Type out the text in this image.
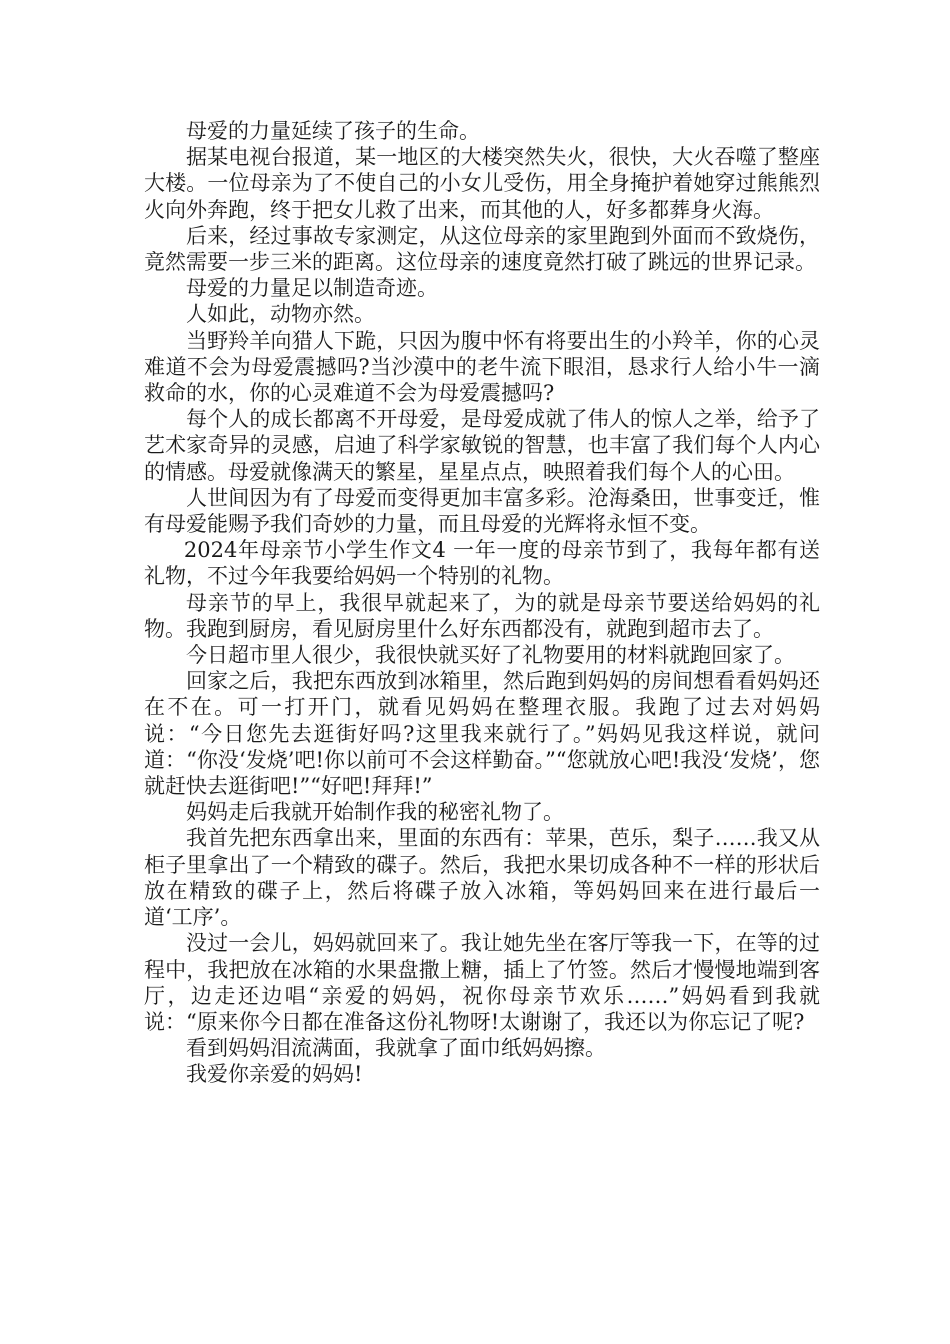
母爱的力量延续了孩子的生命。

据某电视台报道，某一地区的大楼突然失火，很快，大火吞噬了整座大楼。一位母亲为了不使自己的小女儿受伤，用全身掩护着她穿过熊熊烈火向外奔跑，终于把女儿救了出来，而其他的人，好多都葬身火海。

后来，经过事故专家测定，从这位母亲的家里跑到外面而不致烧伤，竟然需要一步三米的距离。这位母亲的速度竟然打破了跳远的世界记录。

母爱的力量足以制造奇迹。

人如此，动物亦然。

当野羚羊向猎人下跪，只因为腹中怀有将要出生的小羚羊，你的心灵难道不会为母爱震撼吗?当沙漠中的老牛流下眼泪，恳求行人给小牛一滴救命的水，你的心灵难道不会为母爱震撼吗?

每个人的成长都离不开母爱，是母爱成就了伟人的惊人之举，给予了艺术家奇异的灵感，启迪了科学家敏锐的智慧，也丰富了我们每个人内心的情感。母爱就像满天的繁星，星星点点，映照着我们每个人的心田。

人世间因为有了母爱而变得更加丰富多彩。沧海桑田，世事变迁，惟有母爱能赐予我们奇妙的力量，而且母爱的光辉将永恒不变。

2024年母亲节小学生作文4 一年一度的母亲节到了，我每年都有送礼物，不过今年我要给妈妈一个特别的礼物。

母亲节的早上，我很早就起来了，为的就是母亲节要送给妈妈的礼物。我跑到厨房，看见厨房里什么好东西都没有，就跑到超市去了。

今日超市里人很少，我很快就买好了礼物要用的材料就跑回家了。

回家之后，我把东西放到冰箱里，然后跑到妈妈的房间想看看妈妈还在不在。可一打开门，就看见妈妈在整理衣服。我跑了过去对妈妈说：“今日您先去逛街好吗?这里我来就行了。”妈妈见我这样说，就问道：“你没‘发烧’吧!你以前可不会这样勤奋。”“您就放心吧!我没‘发烧’，您就赶快去逛街吧!”“好吧!拜拜!”

妈妈走后我就开始制作我的秘密礼物了。

我首先把东西拿出来，里面的东西有：苹果，芭乐，梨子……我又从柜子里拿出了一个精致的碟子。然后，我把水果切成各种不一样的形状后放在精致的碟子上，然后将碟子放入冰箱，等妈妈回来在进行最后一道‘工序’。

没过一会儿，妈妈就回来了。我让她先坐在客厅等我一下，在等的过程中，我把放在冰箱的水果盘撒上糖，插上了竹签。然后才慢慢地端到客厅，边走还边唱“亲爱的妈妈，祝你母亲节欢乐……”妈妈看到我就说：“原来你今日都在准备这份礼物呀!太谢谢了，我还以为你忘记了呢?

看到妈妈泪流满面，我就拿了面巾纸妈妈擦。

我爱你亲爱的妈妈!
